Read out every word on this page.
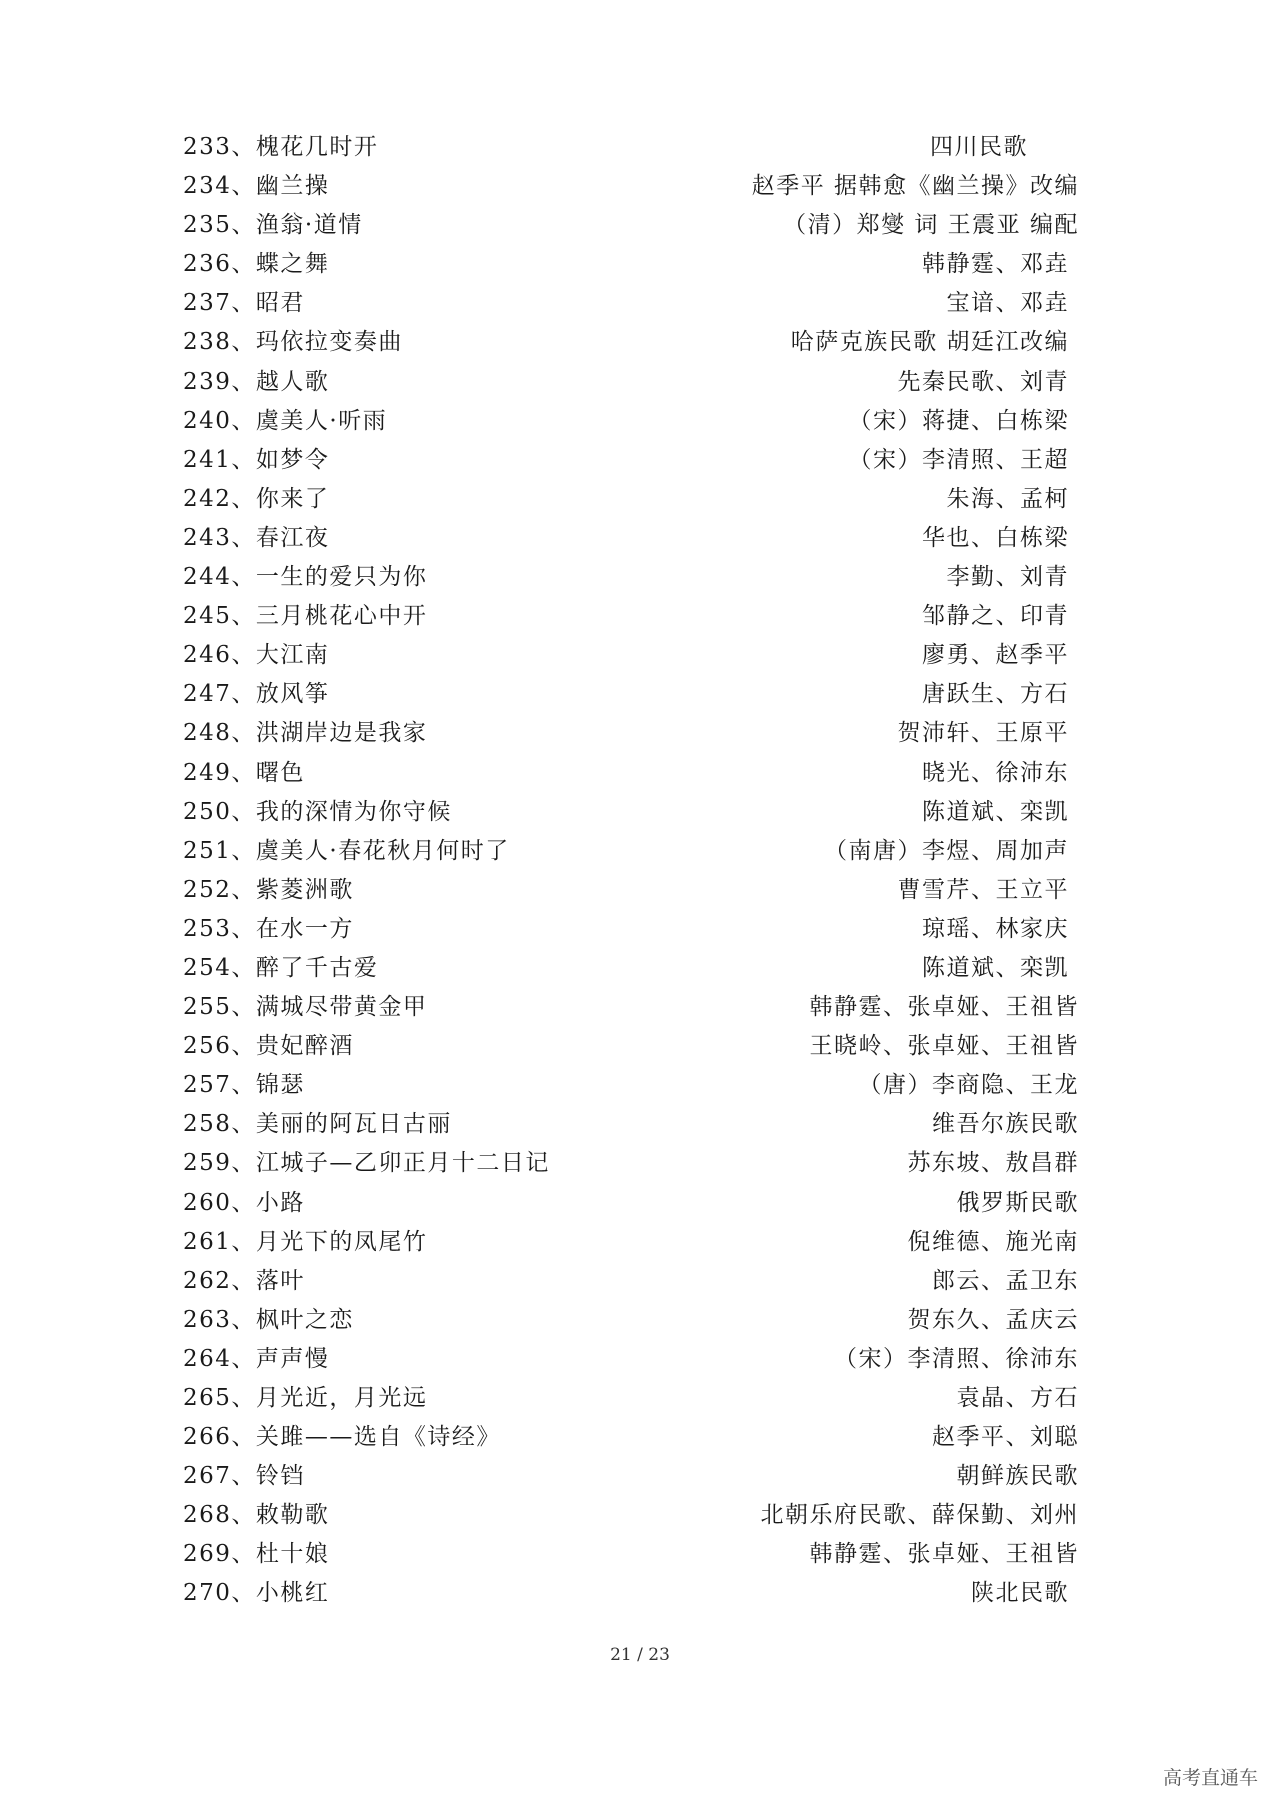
233、槐花几时开	四川民歌
234、幽兰操	赵季平 据韩愈《幽兰操》改编
235、渔翁·道情	（清）郑燮 词 王震亚 编配
236、蝶之舞	韩静霆、邓垚
237、昭君	宝谙、邓垚
238、玛依拉变奏曲	哈萨克族民歌 胡廷江改编
239、越人歌	先秦民歌、刘青
240、虞美人·听雨	（宋）蒋捷、白栋梁
241、如梦令	（宋）李清照、王超
242、你来了	朱海、孟柯
243、春江夜	华也、白栋梁
244、一生的爱只为你	李勤、刘青
245、三月桃花心中开	邹静之、印青
246、大江南	廖勇、赵季平
247、放风筝	唐跃生、方石
248、洪湖岸边是我家	贺沛轩、王原平
249、曙色	晓光、徐沛东
250、我的深情为你守候	陈道斌、栾凯
251、虞美人·春花秋月何时了	（南唐）李煜、周加声
252、紫菱洲歌	曹雪芹、王立平
253、在水一方	琼瑶、林家庆
254、醉了千古爱	陈道斌、栾凯
255、满城尽带黄金甲	韩静霆、张卓娅、王祖皆
256、贵妃醉酒	王晓岭、张卓娅、王祖皆
257、锦瑟	（唐）李商隐、王龙
258、美丽的阿瓦日古丽	维吾尔族民歌
259、江城子—乙卯正月十二日记	苏东坡、敖昌群
260、小路	俄罗斯民歌
261、月光下的凤尾竹	倪维德、施光南
262、落叶	郎云、孟卫东
263、枫叶之恋	贺东久、孟庆云
264、声声慢	（宋）李清照、徐沛东
265、月光近，月光远	袁晶、方石
266、关雎——选自《诗经》	赵季平、刘聪
267、铃铛	朝鲜族民歌
268、敕勒歌	北朝乐府民歌、薛保勤、刘州
269、杜十娘	韩静霆、张卓娅、王祖皆
270、小桃红	陕北民歌
21 / 23
高考直通车
